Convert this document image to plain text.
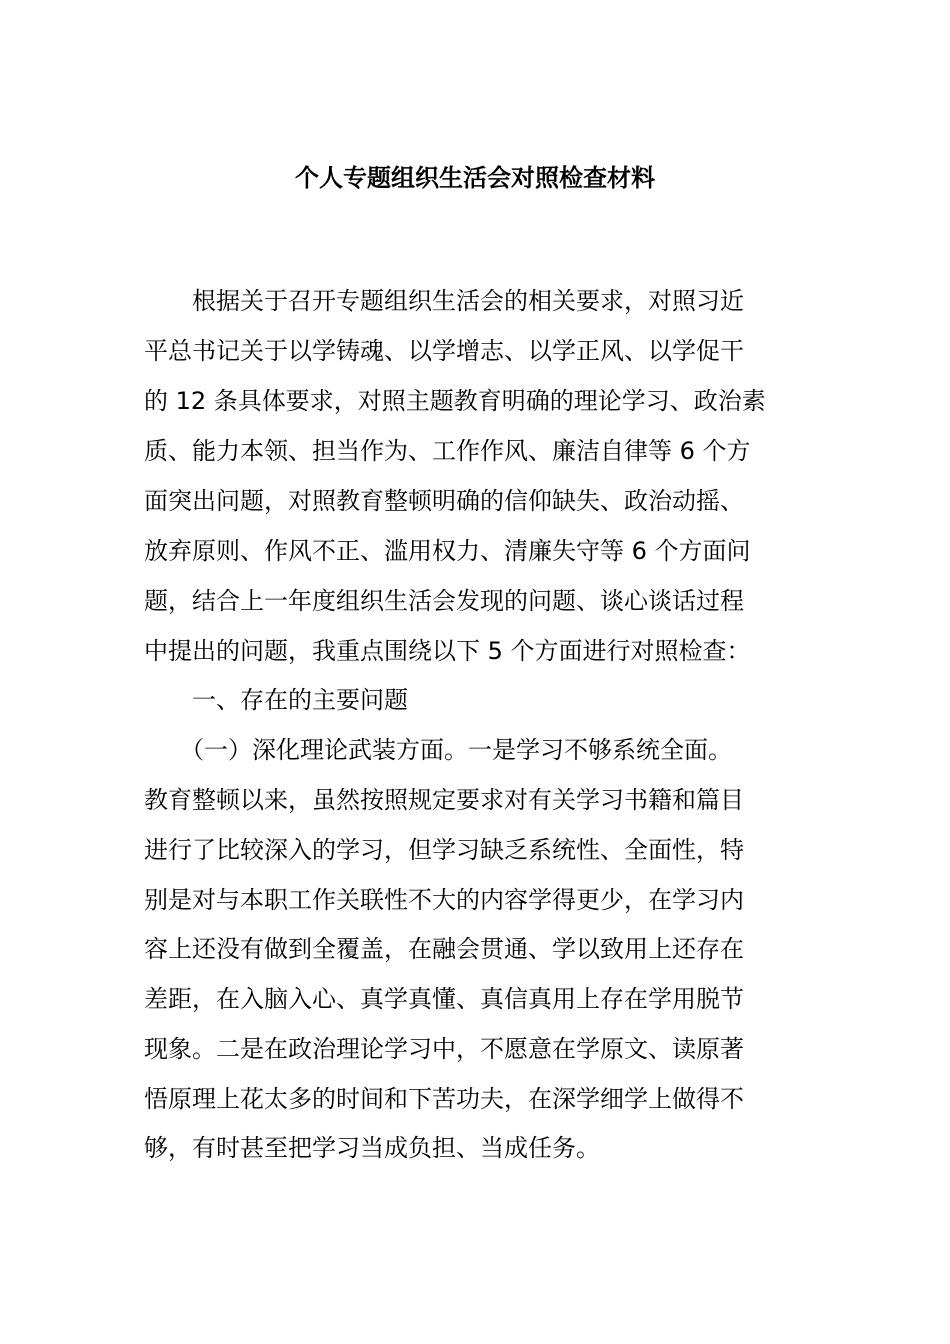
个人专题组织生活会对照检查材料
　　根据关于召开专题组织生活会的相关要求，对照习近
平总书记关于以学铸魂、以学增志、以学正风、以学促干
的 12 条具体要求，对照主题教育明确的理论学习、政治素
质、能力本领、担当作为、工作作风、廉洁自律等 6 个方
面突出问题，对照教育整顿明确的信仰缺失、政治动摇、
放弃原则、作风不正、滥用权力、清廉失守等 6 个方面问
题，结合上一年度组织生活会发现的问题、谈心谈话过程
中提出的问题，我重点围绕以下 5 个方面进行对照检查：
　　一、存在的主要问题
　　（一）深化理论武装方面。一是学习不够系统全面。
教育整顿以来，虽然按照规定要求对有关学习书籍和篇目
进行了比较深入的学习，但学习缺乏系统性、全面性，特
别是对与本职工作关联性不大的内容学得更少，在学习内
容上还没有做到全覆盖，在融会贯通、学以致用上还存在
差距，在入脑入心、真学真懂、真信真用上存在学用脱节
现象。二是在政治理论学习中，不愿意在学原文、读原著
悟原理上花太多的时间和下苦功夫，在深学细学上做得不
够，有时甚至把学习当成负担、当成任务。
